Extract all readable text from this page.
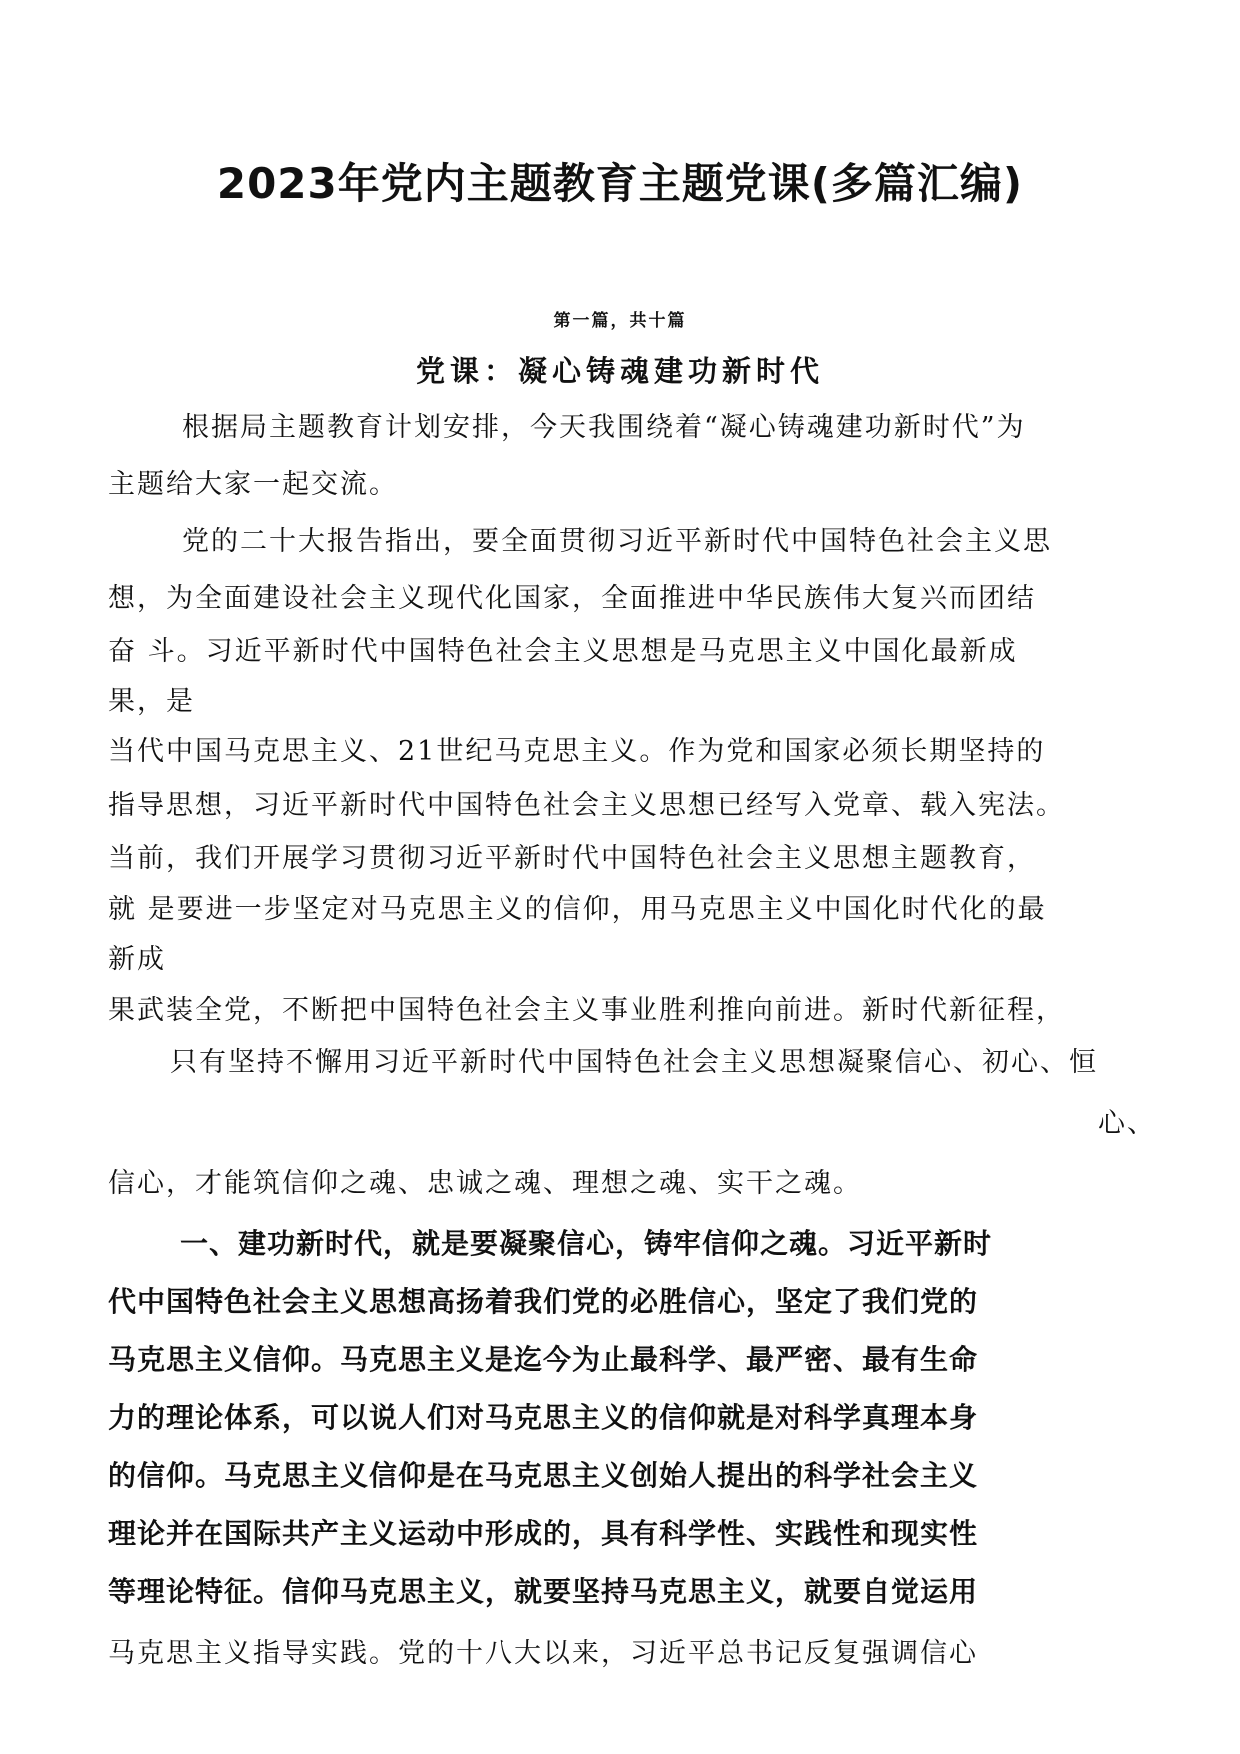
2023年党内主题教育主题党课(多篇汇编)
第一篇，共十篇
党课：凝心铸魂建功新时代
根据局主题教育计划安排，今天我围绕着“凝心铸魂建功新时代”为
主题给大家一起交流。
党的二十大报告指出，要全面贯彻习近平新时代中国特色社会主义思
想，为全面建设社会主义现代化国家，全面推进中华民族伟大复兴而团结
奋 斗。习近平新时代中国特色社会主义思想是马克思主义中国化最新成
果，是
当代中国马克思主义、21世纪马克思主义。作为党和国家必须长期坚持的
指导思想，习近平新时代中国特色社会主义思想已经写入党章、载入宪法。
当前，我们开展学习贯彻习近平新时代中国特色社会主义思想主题教育，
就 是要进一步坚定对马克思主义的信仰，用马克思主义中国化时代化的最
新成
果武装全党，不断把中国特色社会主义事业胜利推向前进。新时代新征程，
只有坚持不懈用习近平新时代中国特色社会主义思想凝聚信心、初心、恒
心、
信心，才能筑信仰之魂、忠诚之魂、理想之魂、实干之魂。
一、建功新时代，就是要凝聚信心，铸牢信仰之魂。习近平新时
代中国特色社会主义思想高扬着我们党的必胜信心，坚定了我们党的
马克思主义信仰。马克思主义是迄今为止最科学、最严密、最有生命
力的理论体系，可以说人们对马克思主义的信仰就是对科学真理本身
的信仰。马克思主义信仰是在马克思主义创始人提出的科学社会主义
理论并在国际共产主义运动中形成的，具有科学性、实践性和现实性
等理论特征。信仰马克思主义，就要坚持马克思主义，就要自觉运用
马克思主义指导实践。党的十八大以来，习近平总书记反复强调信心
